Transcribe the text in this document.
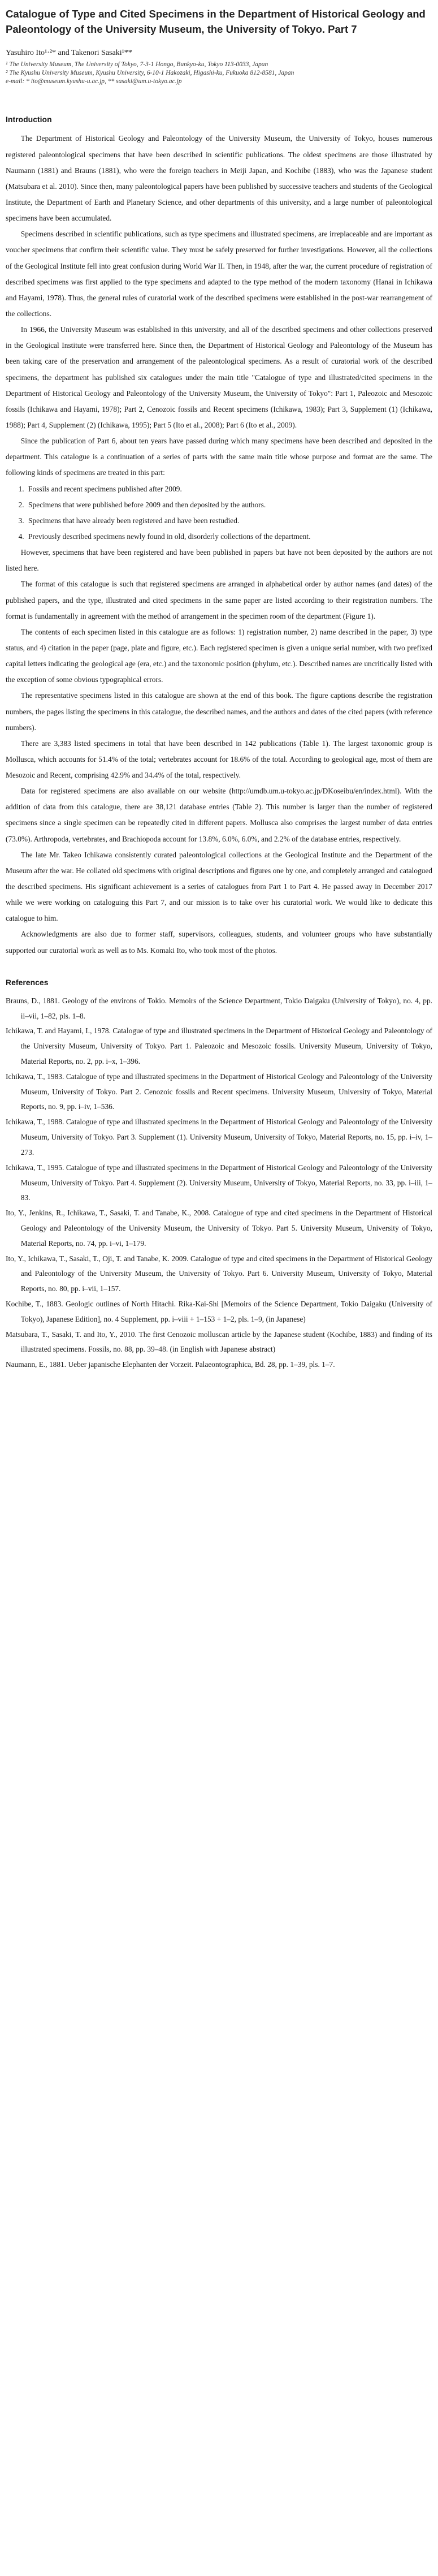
Catalogue of Type and Cited Specimens in the Department of Historical Geology and Paleontology of the University Museum, the University of Tokyo. Part 7

Yasuhiro Ito¹·²* and Takenori Sasaki¹**

¹ The University Museum, The University of Tokyo, 7-3-1 Hongo, Bunkyo-ku, Tokyo 113-0033, Japan

² The Kyushu University Museum, Kyushu University, 6-10-1 Hakozaki, Higashi-ku, Fukuoka 812-8581, Japan

e-mail: * ito@museum.kyushu-u.ac.jp, ** sasaki@um.u-tokyo.ac.jp

Introduction

The Department of Historical Geology and Paleontology of the University Museum, the University of Tokyo, houses numerous registered paleontological specimens that have been described in scientific publications. The oldest specimens are those illustrated by Naumann (1881) and Brauns (1881), who were the foreign teachers in Meiji Japan, and Kochibe (1883), who was the Japanese student (Matsubara et al. 2010). Since then, many paleontological papers have been published by successive teachers and students of the Geological Institute, the Department of Earth and Planetary Science, and other departments of this university, and a large number of paleontological specimens have been accumulated.

Specimens described in scientific publications, such as type specimens and illustrated specimens, are irreplaceable and are important as voucher specimens that confirm their scientific value. They must be safely preserved for further investigations. However, all the collections of the Geological Institute fell into great confusion during World War II. Then, in 1948, after the war, the current procedure of registration of described specimens was first applied to the type specimens and adapted to the type method of the modern taxonomy (Hanai in Ichikawa and Hayami, 1978). Thus, the general rules of curatorial work of the described specimens were established in the post-war rearrangement of the collections.

In 1966, the University Museum was established in this university, and all of the described specimens and other collections preserved in the Geological Institute were transferred here. Since then, the Department of Historical Geology and Paleontology of the Museum has been taking care of the preservation and arrangement of the paleontological specimens. As a result of curatorial work of the described specimens, the department has published six catalogues under the main title "Catalogue of type and illustrated/cited specimens in the Department of Historical Geology and Paleontology of the University Museum, the University of Tokyo": Part 1, Paleozoic and Mesozoic fossils (Ichikawa and Hayami, 1978); Part 2, Cenozoic fossils and Recent specimens (Ichikawa, 1983); Part 3, Supplement (1) (Ichikawa, 1988); Part 4, Supplement (2) (Ichikawa, 1995); Part 5 (Ito et al., 2008); Part 6 (Ito et al., 2009).

Since the publication of Part 6, about ten years have passed during which many specimens have been described and deposited in the department. This catalogue is a continuation of a series of parts with the same main title whose purpose and format are the same. The following kinds of specimens are treated in this part:

1. Fossils and recent specimens published after 2009.
2. Specimens that were published before 2009 and then deposited by the authors.
3. Specimens that have already been registered and have been restudied.
4. Previously described specimens newly found in old, disorderly collections of the department.

However, specimens that have been registered and have been published in papers but have not been deposited by the authors are not listed here.

The format of this catalogue is such that registered specimens are arranged in alphabetical order by author names (and dates) of the published papers, and the type, illustrated and cited specimens in the same paper are listed according to their registration numbers. The format is fundamentally in agreement with the method of arrangement in the specimen room of the department (Figure 1).

The contents of each specimen listed in this catalogue are as follows: 1) registration number, 2) name described in the paper, 3) type status, and 4) citation in the paper (page, plate and figure, etc.). Each registered specimen is given a unique serial number, with two prefixed capital letters indicating the geological age (era, etc.) and the taxonomic position (phylum, etc.). Described names are uncritically listed with the exception of some obvious typographical errors.

The representative specimens listed in this catalogue are shown at the end of this book. The figure captions describe the registration numbers, the pages listing the specimens in this catalogue, the described names, and the authors and dates of the cited papers (with reference numbers).

There are 3,383 listed specimens in total that have been described in 142 publications (Table 1). The largest taxonomic group is Mollusca, which accounts for 51.4% of the total; vertebrates account for 18.6% of the total. According to geological age, most of them are Mesozoic and Recent, comprising 42.9% and 34.4% of the total, respectively.

Data for registered specimens are also available on our website (http://umdb.um.u-tokyo.ac.jp/DKoseibu/en/index.html). With the addition of data from this catalogue, there are 38,121 database entries (Table 2). This number is larger than the number of registered specimens since a single specimen can be repeatedly cited in different papers. Mollusca also comprises the largest number of data entries (73.0%). Arthropoda, vertebrates, and Brachiopoda account for 13.8%, 6.0%, 6.0%, and 2.2% of the database entries, respectively.

The late Mr. Takeo Ichikawa consistently curated paleontological collections at the Geological Institute and the Department of the Museum after the war. He collated old specimens with original descriptions and figures one by one, and completely arranged and catalogued the described specimens. His significant achievement is a series of catalogues from Part 1 to Part 4. He passed away in December 2017 while we were working on cataloguing this Part 7, and our mission is to take over his curatorial work. We would like to dedicate this catalogue to him.

Acknowledgments are also due to former staff, supervisors, colleagues, students, and volunteer groups who have substantially supported our curatorial work as well as to Ms. Komaki Ito, who took most of the photos.

References
Brauns, D., 1881. Geology of the environs of Tokio. Memoirs of the Science Department, Tokio Daigaku (University of Tokyo), no. 4, pp. ii–vii, 1–82, pls. 1–8.
Ichikawa, T. and Hayami, I., 1978. Catalogue of type and illustrated specimens in the Department of Historical Geology and Paleontology of the University Museum, University of Tokyo. Part 1. Paleozoic and Mesozoic fossils. University Museum, University of Tokyo, Material Reports, no. 2, pp. i–x, 1–396.
Ichikawa, T., 1983. Catalogue of type and illustrated specimens in the Department of Historical Geology and Paleontology of the University Museum, University of Tokyo. Part 2. Cenozoic fossils and Recent specimens. University Museum, University of Tokyo, Material Reports, no. 9, pp. i–iv, 1–536.
Ichikawa, T., 1988. Catalogue of type and illustrated specimens in the Department of Historical Geology and Paleontology of the University Museum, University of Tokyo. Part 3. Supplement (1). University Museum, University of Tokyo, Material Reports, no. 15, pp. i–iv, 1–273.
Ichikawa, T., 1995. Catalogue of type and illustrated specimens in the Department of Historical Geology and Paleontology of the University Museum, University of Tokyo. Part 4. Supplement (2). University Museum, University of Tokyo, Material Reports, no. 33, pp. i–iii, 1–83.
Ito, Y., Jenkins, R., Ichikawa, T., Sasaki, T. and Tanabe, K., 2008. Catalogue of type and cited specimens in the Department of Historical Geology and Paleontology of the University Museum, the University of Tokyo. Part 5. University Museum, University of Tokyo, Material Reports, no. 74, pp. i–vi, 1–179.
Ito, Y., Ichikawa, T., Sasaki, T., Oji, T. and Tanabe, K. 2009. Catalogue of type and cited specimens in the Department of Historical Geology and Paleontology of the University Museum, the University of Tokyo. Part 6. University Museum, University of Tokyo, Material Reports, no. 80, pp. i–vii, 1–157.
Kochibe, T., 1883. Geologic outlines of North Hitachi. Rika-Kai-Shi [Memoirs of the Science Department, Tokio Daigaku (University of Tokyo), Japanese Edition], no. 4 Supplement, pp. i–viii + 1–153 + 1–2, pls. 1–9, (in Japanese)
Matsubara, T., Sasaki, T. and Ito, Y., 2010. The first Cenozoic molluscan article by the Japanese student (Kochibe, 1883) and finding of its illustrated specimens. Fossils, no. 88, pp. 39–48. (in English with Japanese abstract)
Naumann, E., 1881. Ueber japanische Elephanten der Vorzeit. Palaeontographica, Bd. 28, pp. 1–39, pls. 1–7.
